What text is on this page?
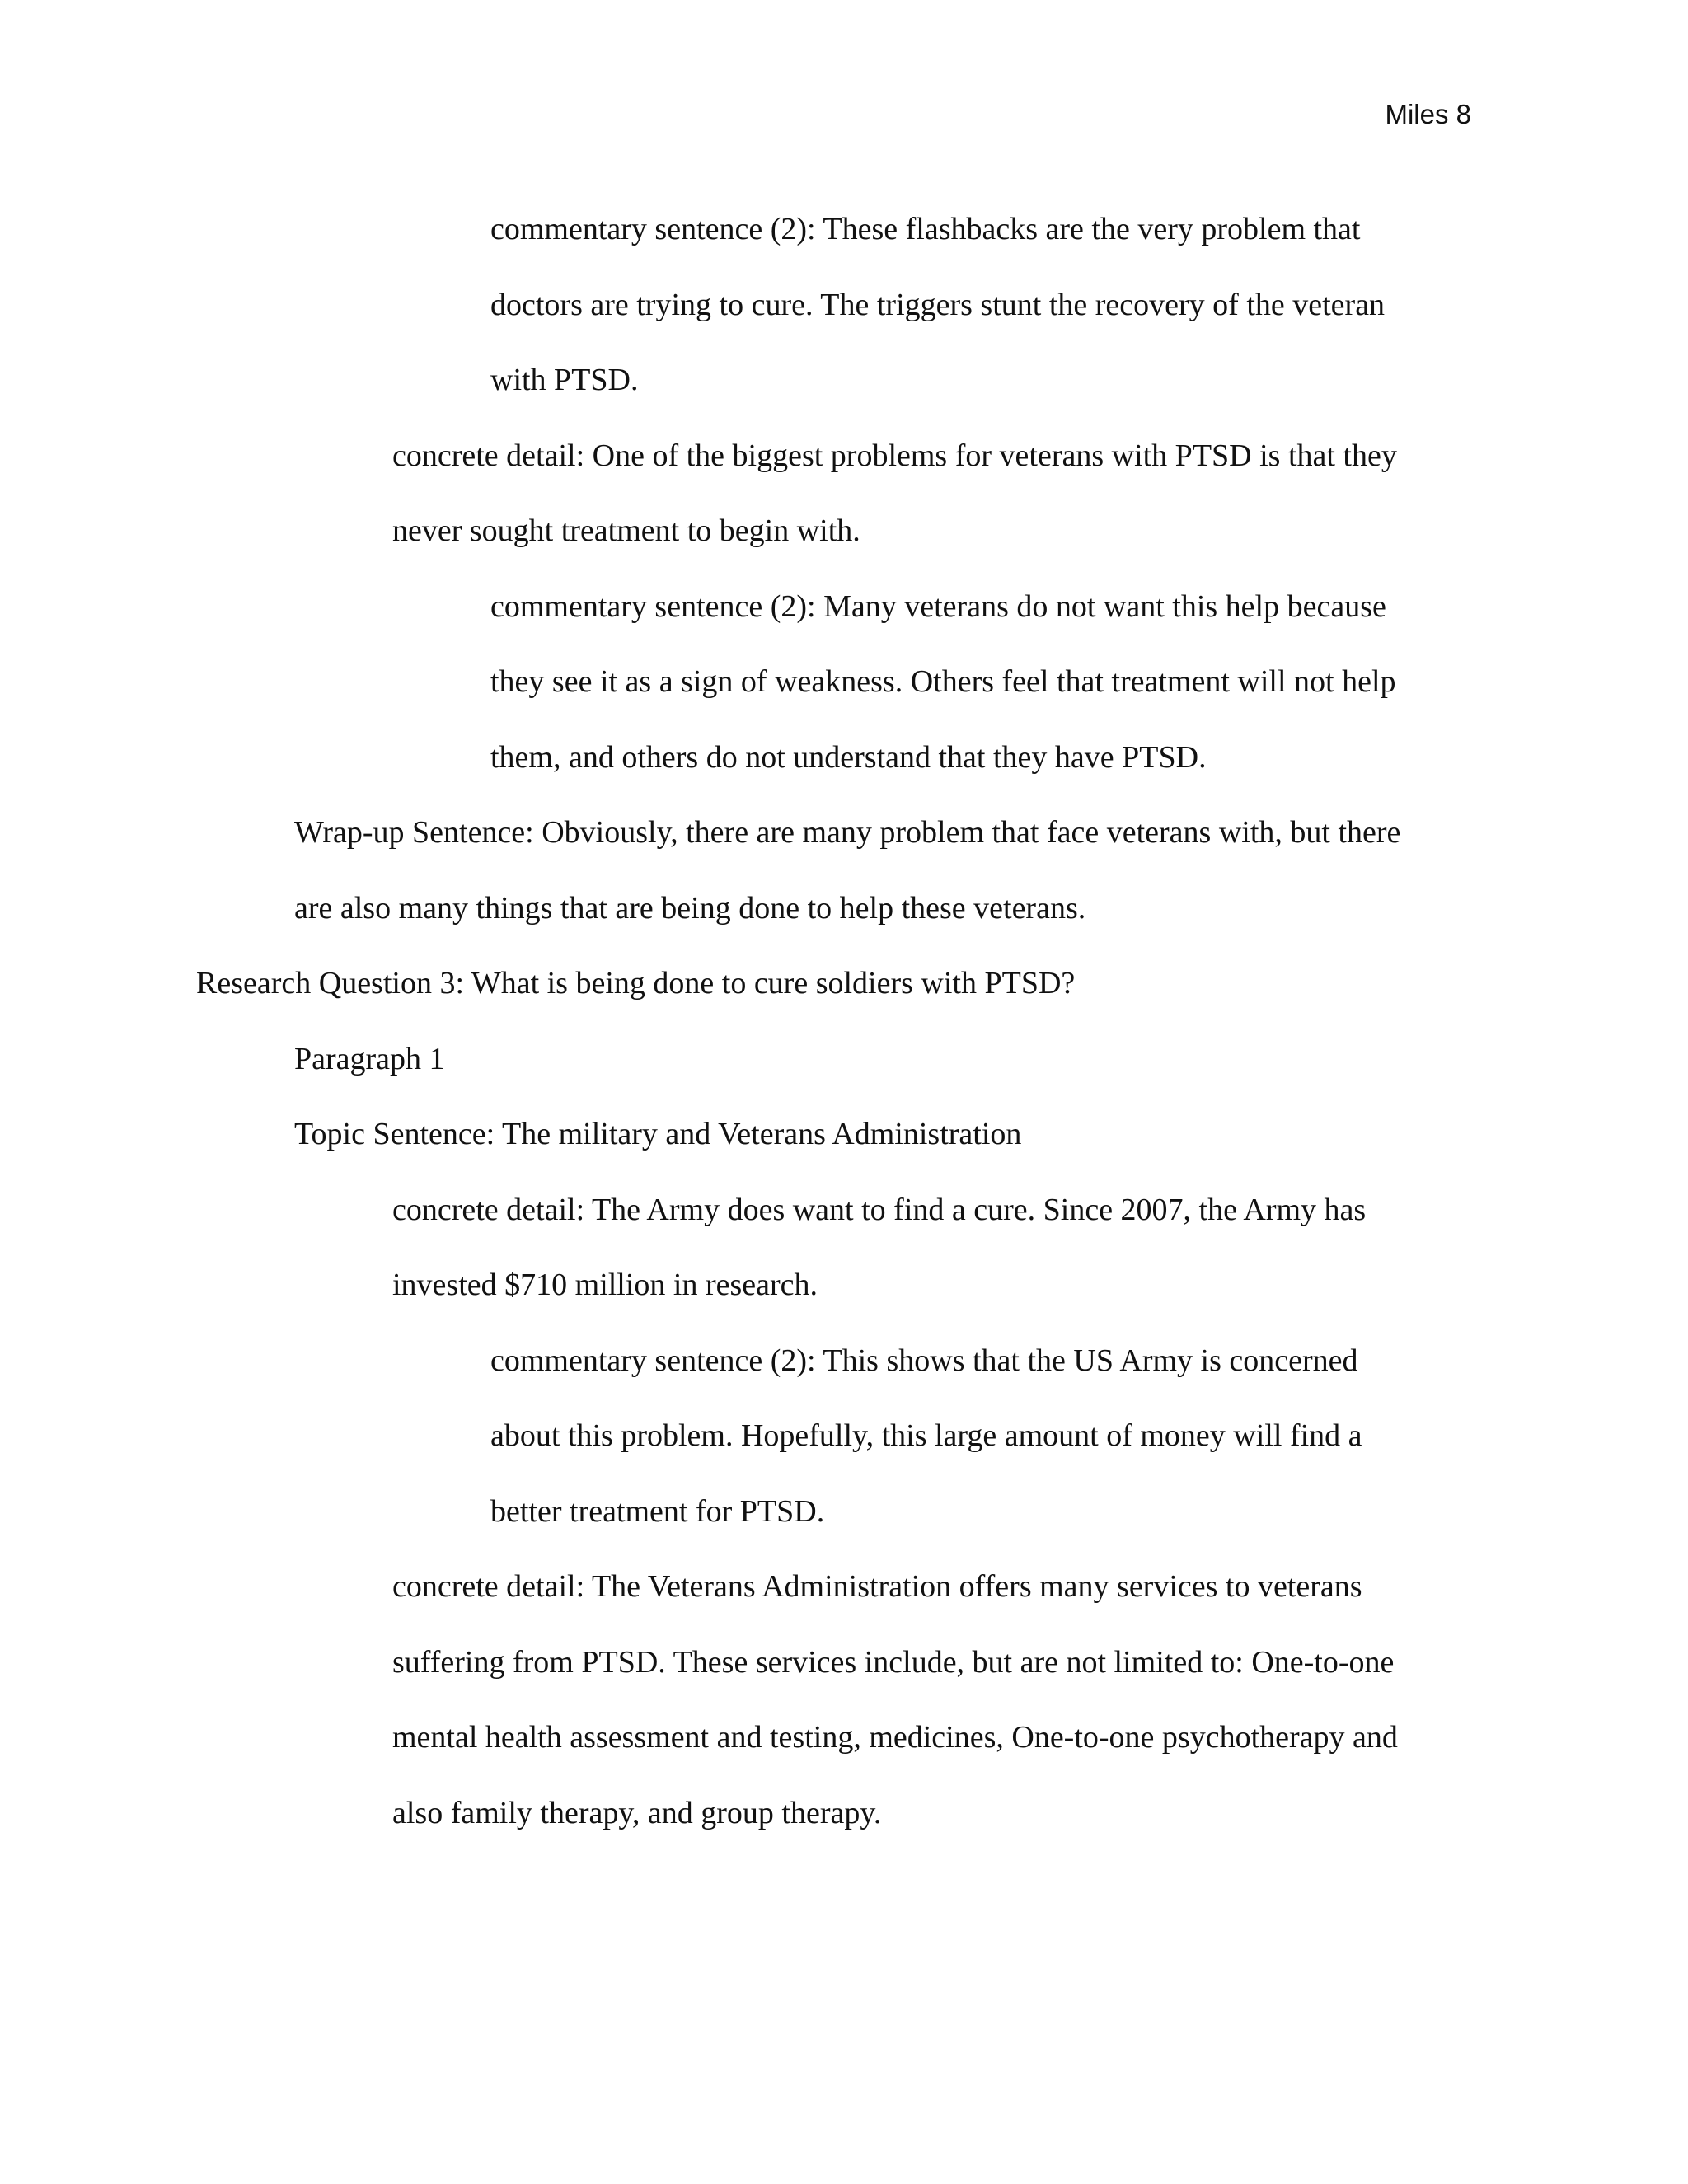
Miles 8
commentary sentence (2): These flashbacks are the very problem that
doctors are trying to cure. The triggers stunt the recovery of the veteran
with PTSD.
concrete detail: One of the biggest problems for veterans with PTSD is that they
never sought treatment to begin with.
commentary sentence (2): Many veterans do not want this help because
they see it as a sign of weakness. Others feel that treatment will not help
them, and others do not understand that they have PTSD.
Wrap-up Sentence: Obviously, there are many problem that face veterans with, but there
are also many things that are being done to help these veterans.
Research Question 3: What is being done to cure soldiers with PTSD?
Paragraph 1
Topic Sentence: The military and Veterans Administration
concrete detail: The Army does want to find a cure. Since 2007, the Army has
invested $710 million in research.
commentary sentence (2): This shows that the US Army is concerned
about this problem. Hopefully, this large amount of money will find a
better treatment for PTSD.
concrete detail: The Veterans Administration offers many services to veterans
suffering from PTSD. These services include, but are not limited to: One-to-one
mental health assessment and testing, medicines, One-to-one psychotherapy and
also family therapy, and group therapy.
